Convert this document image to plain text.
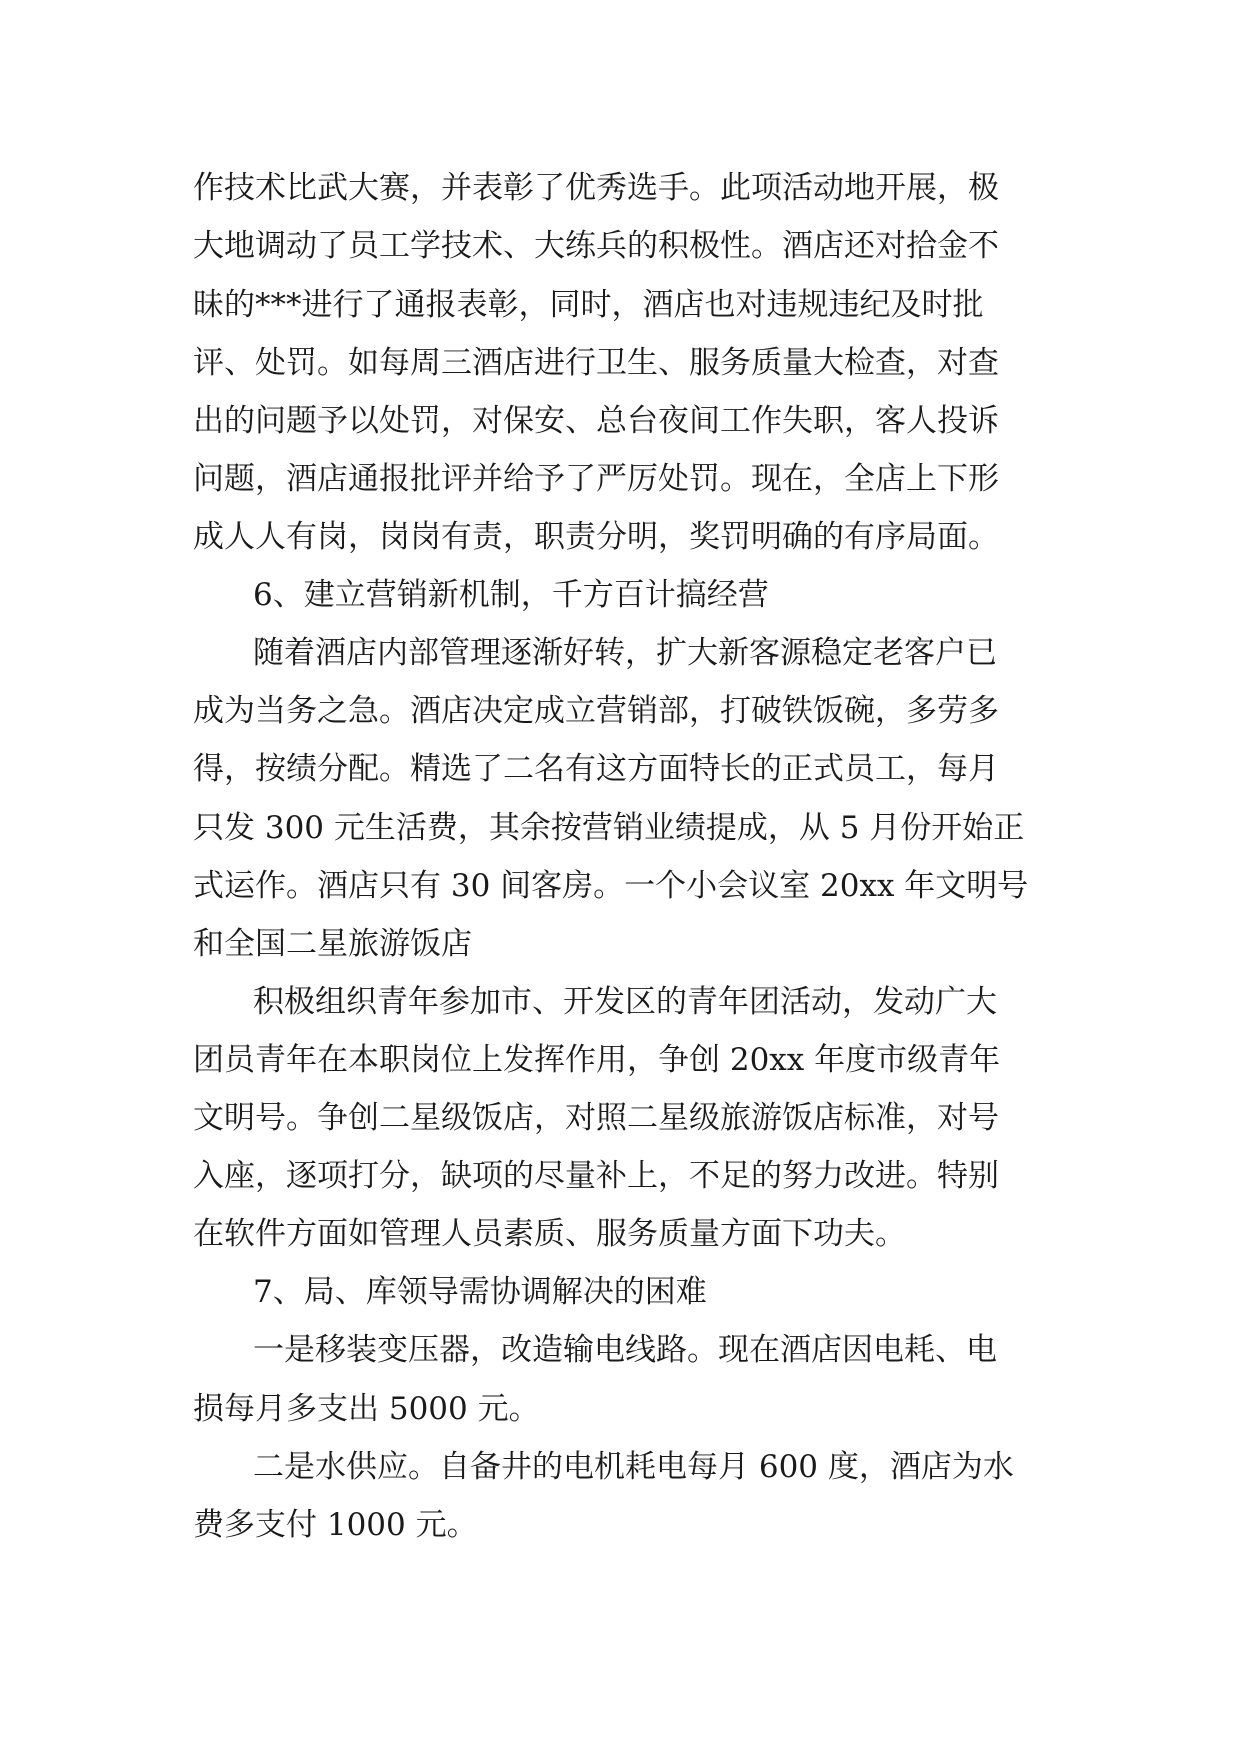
作技术比武大赛，并表彰了优秀选手。此项活动地开展，极
大地调动了员工学技术、大练兵的积极性。酒店还对拾金不
昧的***进行了通报表彰，同时，酒店也对违规违纪及时批
评、处罚。如每周三酒店进行卫生、服务质量大检查，对查
出的问题予以处罚，对保安、总台夜间工作失职，客人投诉
问题，酒店通报批评并给予了严厉处罚。现在，全店上下形
成人人有岗，岗岗有责，职责分明，奖罚明确的有序局面。
6、建立营销新机制，千方百计搞经营
随着酒店内部管理逐渐好转，扩大新客源稳定老客户已
成为当务之急。酒店决定成立营销部，打破铁饭碗，多劳多
得，按绩分配。精选了二名有这方面特长的正式员工，每月
只发 300 元生活费，其余按营销业绩提成，从 5 月份开始正
式运作。酒店只有 30 间客房。一个小会议室 20xx 年文明号
和全国二星旅游饭店
积极组织青年参加市、开发区的青年团活动，发动广大
团员青年在本职岗位上发挥作用，争创 20xx 年度市级青年
文明号。争创二星级饭店，对照二星级旅游饭店标准，对号
入座，逐项打分，缺项的尽量补上，不足的努力改进。特别
在软件方面如管理人员素质、服务质量方面下功夫。
7、局、库领导需协调解决的困难
一是移装变压器，改造输电线路。现在酒店因电耗、电
损每月多支出 5000 元。
二是水供应。自备井的电机耗电每月 600 度，酒店为水
费多支付 1000 元。
